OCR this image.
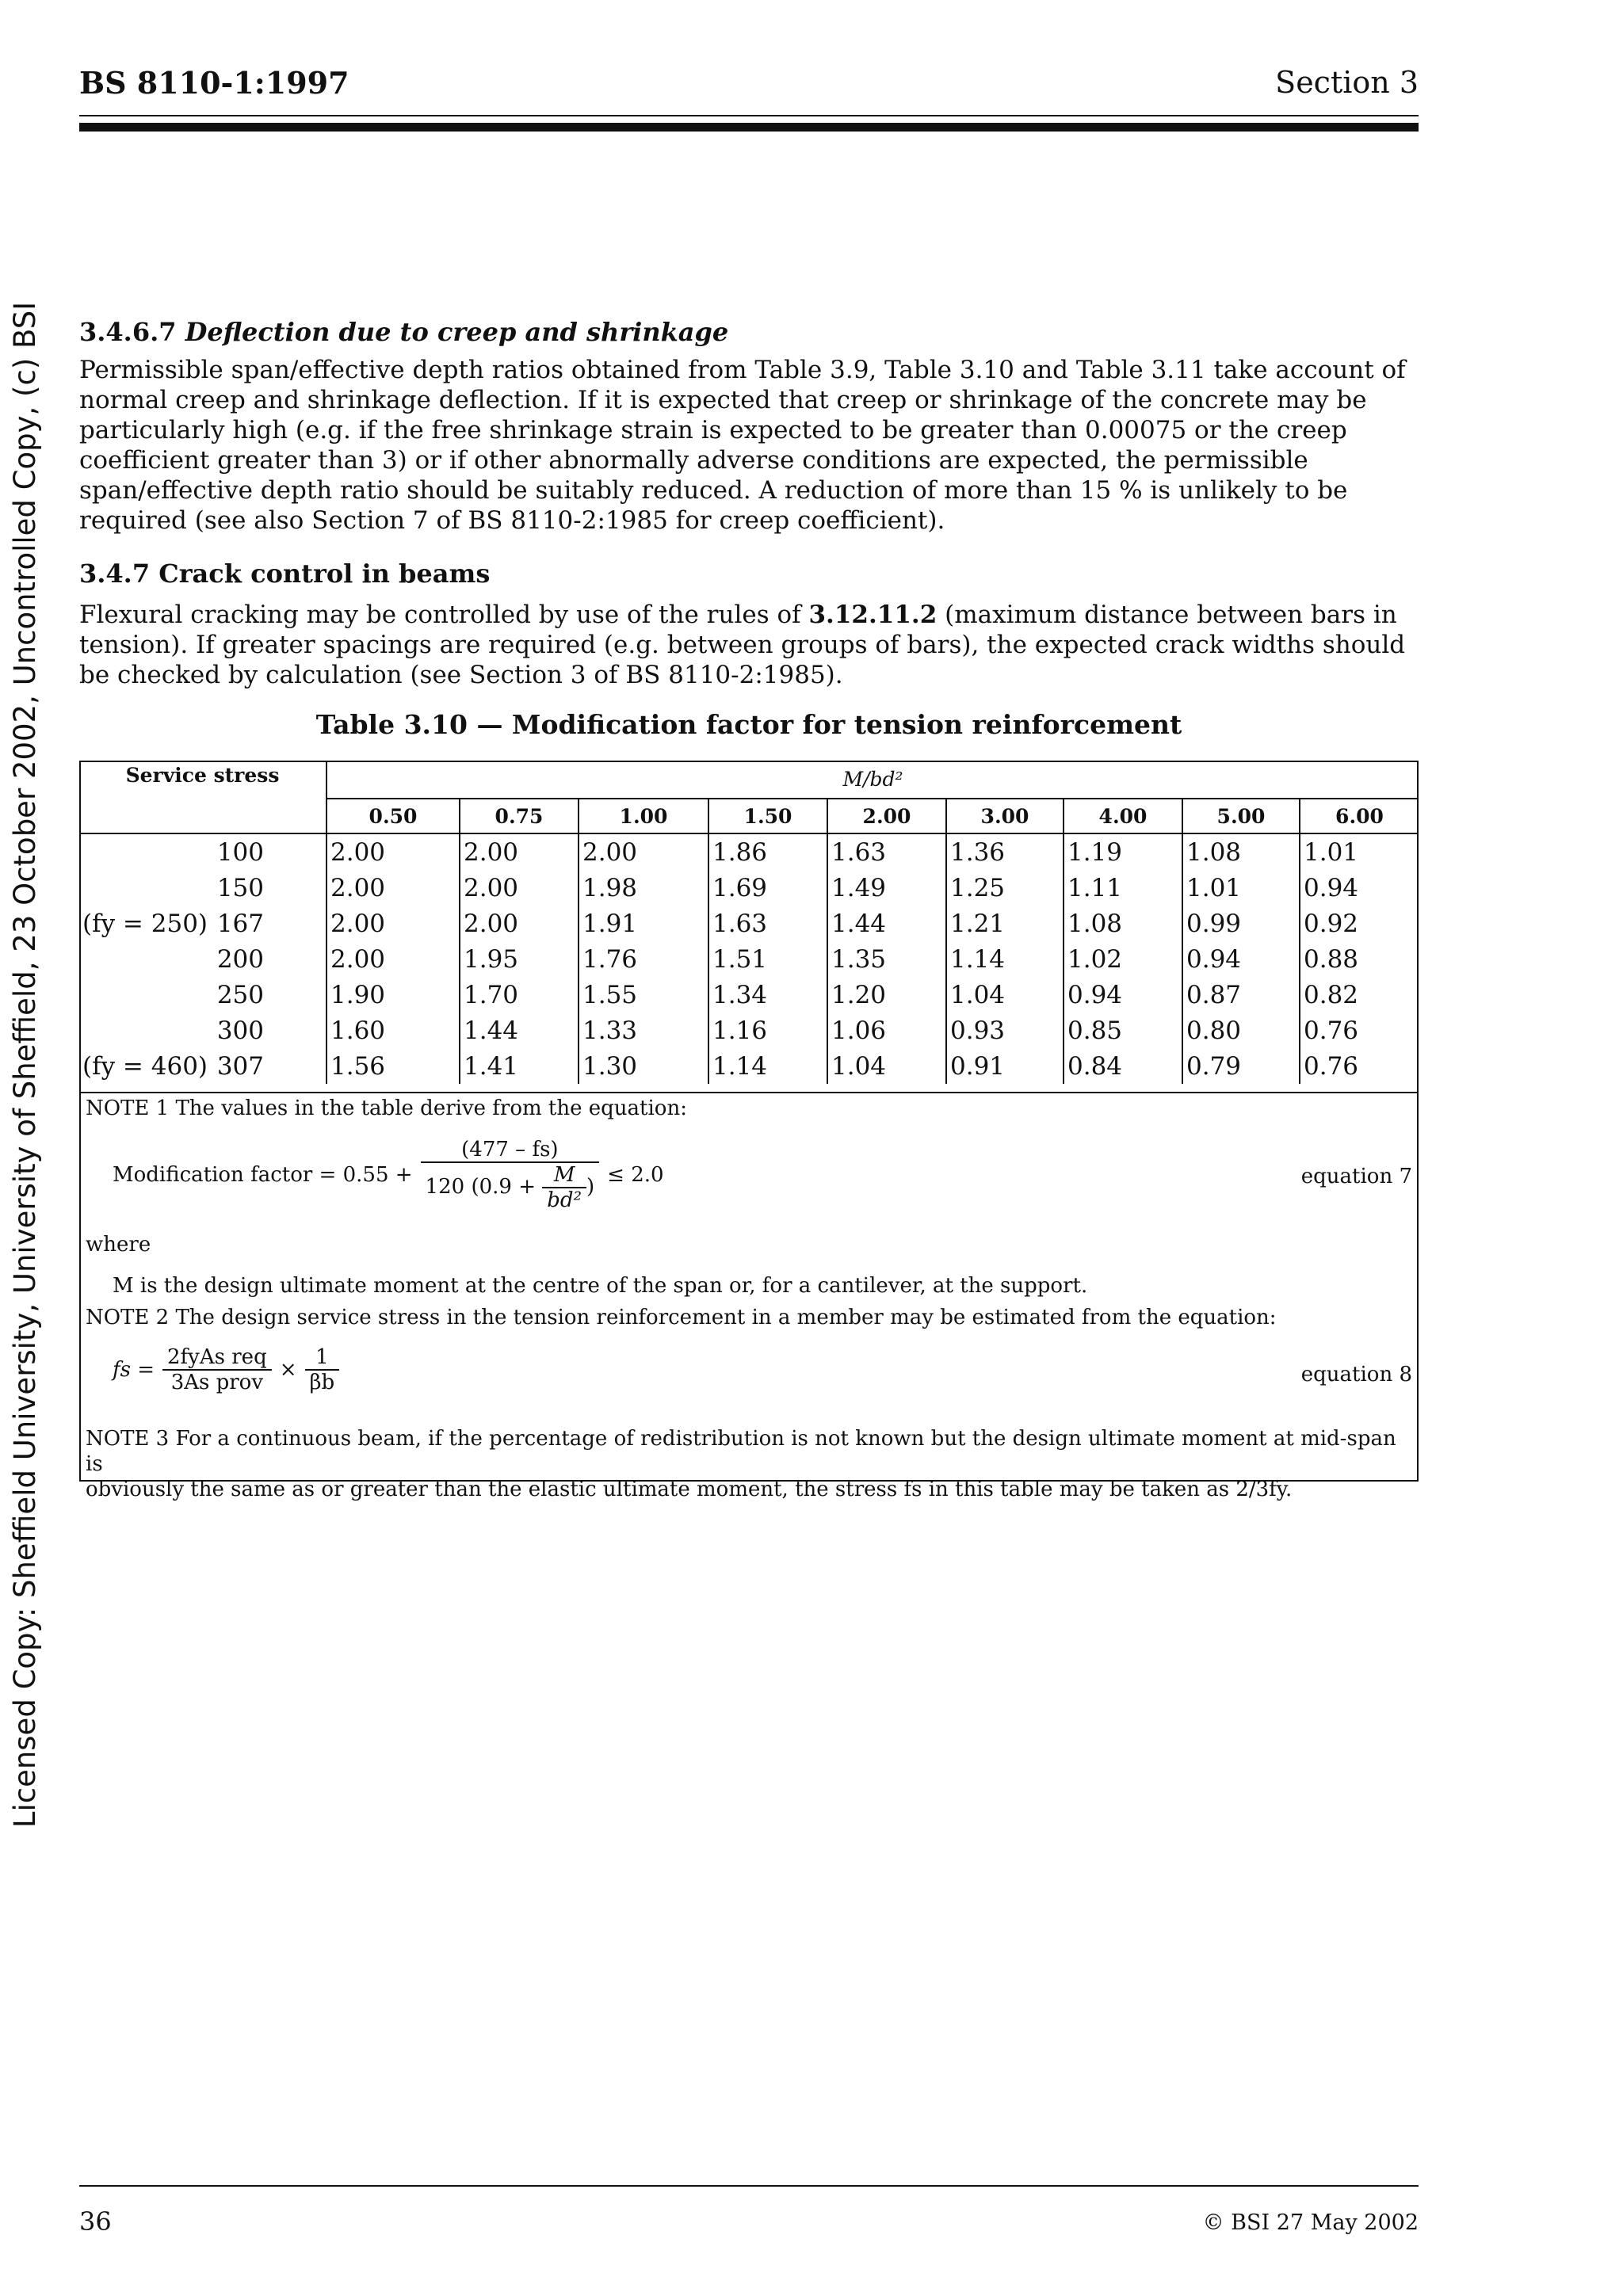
BS 8110-1:1997	Section 3
Licensed Copy: Sheffield University, University of Sheffield, 23 October 2002, Uncontrolled Copy, (c) BSI 3.4.6.7 Deflection due to creep and shrinkage

Permissible span/effective depth ratios obtained from Table 3.9, Table 3.10 and Table 3.11 take account of

normal creep and shrinkage deflection. If it is expected that creep or shrinkage of the concrete may be

particularly high (e.g. if the free shrinkage strain is expected to be greater than 0.00075 or the creep

coefficient greater than 3) or if other abnormally adverse conditions are expected, the permissible

span/effective depth ratio should be suitably reduced. A reduction of more than 15 % is unlikely to be

required (see also Section 7 of BS 8110-2:1985 for creep coefficient).

3.4.7 Crack control in beams

Flexural cracking may be controlled by use of the rules of 3.12.11.2 (maximum distance between bars in

tension). If greater spacings are required (e.g. between groups of bars), the expected crack widths should

be checked by calculation (see Section 3 of BS 8110-2:1985).

Table 3.10 — Modification factor for tension reinforcement
Service stress	M/bd²								
	0.50	0.75	1.00	1.50	2.00	3.00	4.00	5.00	6.00
100	2.00	2.00	2.00	1.86	1.63	1.36	1.19	1.08	1.01
150	2.00	2.00	1.98	1.69	1.49	1.25	1.11	1.01	0.94

(fy = 250) 167	2.00	2.00	1.91	1.63	1.44	1.21	1.08	0.99	0.92
200	2.00	1.95	1.76	1.51	1.35	1.14	1.02	0.94	0.88
250	1.90	1.70	1.55	1.34	1.20	1.04	0.94	0.87	0.82
300	1.60	1.44	1.33	1.16	1.06	0.93	0.85	0.80	0.76

(fy = 460) 307	1.56	1.41	1.30	1.14	1.04	0.91	0.84	0.79	0.76
NOTE 1 The values in the table derive from the equation:
Modification factor = 0.55 +
(477 – fs)
120 ($0.9 + \frac{M}{\text{bd²}}$ ) ≤ 2.0	equation 7
where
M is the design ultimate moment at the centre of the span or, for a cantilever, at the support.
NOTE 2 The design service stress in the tension reinforcement in a member may be estimated from the equation:
fs = $\frac{\text{2fyAs req}}{\text{3As prov}} \times \frac{1}{\beta b}$	equation 8
NOTE 3 For a continuous beam, if the percentage of redistribution is not known but the design ultimate moment at mid-span is
obviously the same as or greater than the elastic ultimate moment, the stress fs in this table may be taken as 2/3fy.
36	© BSI 27 May 2002
